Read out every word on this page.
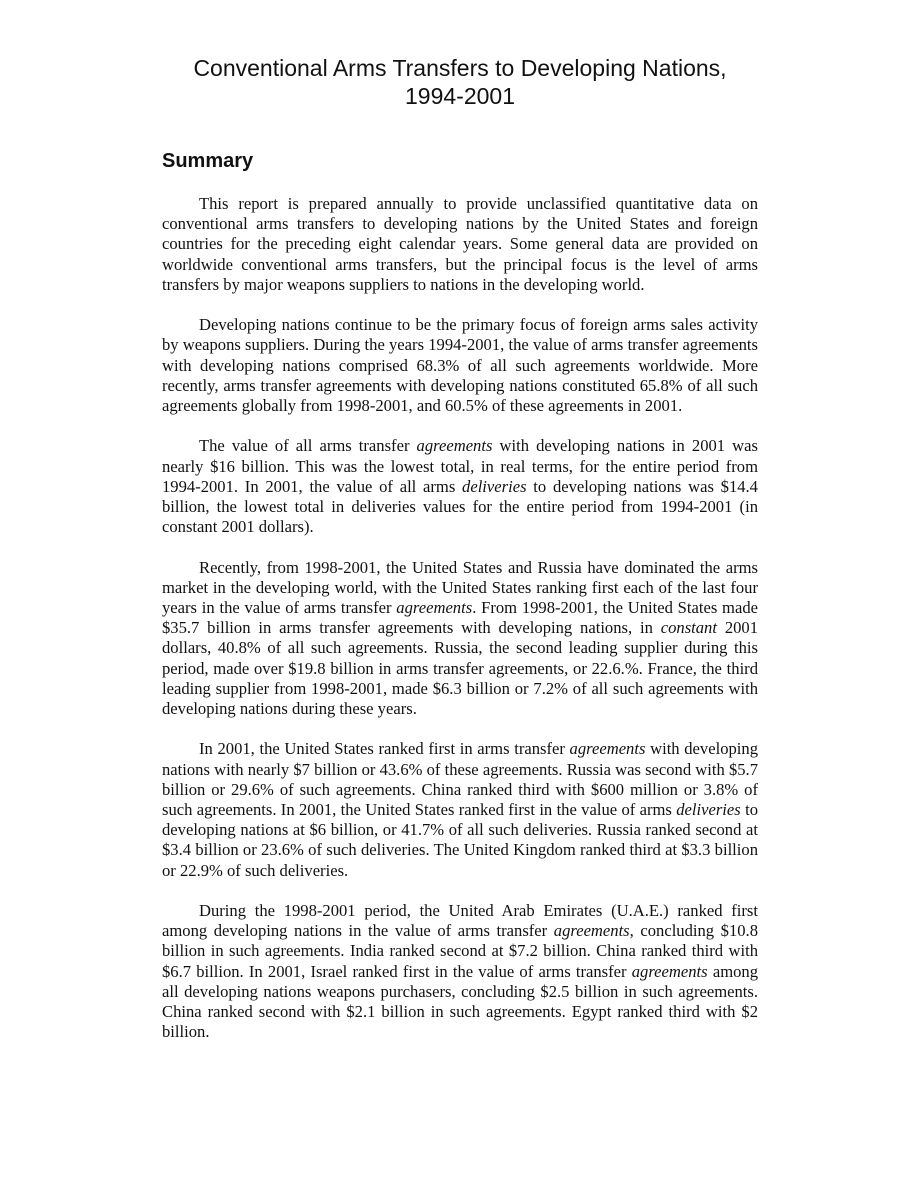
Conventional Arms Transfers to Developing Nations,
1994-2001
Summary

This report is prepared annually to provide unclassified quantitative data on conventional arms transfers to developing nations by the United States and foreign countries for the preceding eight calendar years. Some general data are provided on worldwide conventional arms transfers, but the principal focus is the level of arms transfers by major weapons suppliers to nations in the developing world.

Developing nations continue to be the primary focus of foreign arms sales activity by weapons suppliers. During the years 1994-2001, the value of arms transfer agreements with developing nations comprised 68.3% of all such agreements worldwide. More recently, arms transfer agreements with developing nations constituted 65.8% of all such agreements globally from 1998-2001, and 60.5% of these agreements in 2001.

The value of all arms transfer agreements with developing nations in 2001 was nearly $16 billion. This was the lowest total, in real terms, for the entire period from 1994-2001. In 2001, the value of all arms deliveries to developing nations was $14.4 billion, the lowest total in deliveries values for the entire period from 1994-2001 (in constant 2001 dollars).

Recently, from 1998-2001, the United States and Russia have dominated the arms market in the developing world, with the United States ranking first each of the last four years in the value of arms transfer agreements. From 1998-2001, the United States made $35.7 billion in arms transfer agreements with developing nations, in constant 2001 dollars, 40.8% of all such agreements. Russia, the second leading supplier during this period, made over $19.8 billion in arms transfer agreements, or 22.6.%. France, the third leading supplier from 1998-2001, made $6.3 billion or 7.2% of all such agreements with developing nations during these years.

In 2001, the United States ranked first in arms transfer agreements with developing nations with nearly $7 billion or 43.6% of these agreements. Russia was second with $5.7 billion or 29.6% of such agreements. China ranked third with $600 million or 3.8% of such agreements. In 2001, the United States ranked first in the value of arms deliveries to developing nations at $6 billion, or 41.7% of all such deliveries. Russia ranked second at $3.4 billion or 23.6% of such deliveries. The United Kingdom ranked third at $3.3 billion or 22.9% of such deliveries.

During the 1998-2001 period, the United Arab Emirates (U.A.E.) ranked first among developing nations in the value of arms transfer agreements, concluding $10.8 billion in such agreements. India ranked second at $7.2 billion. China ranked third with $6.7 billion. In 2001, Israel ranked first in the value of arms transfer agreements among all developing nations weapons purchasers, concluding $2.5 billion in such agreements. China ranked second with $2.1 billion in such agreements. Egypt ranked third with $2 billion.
